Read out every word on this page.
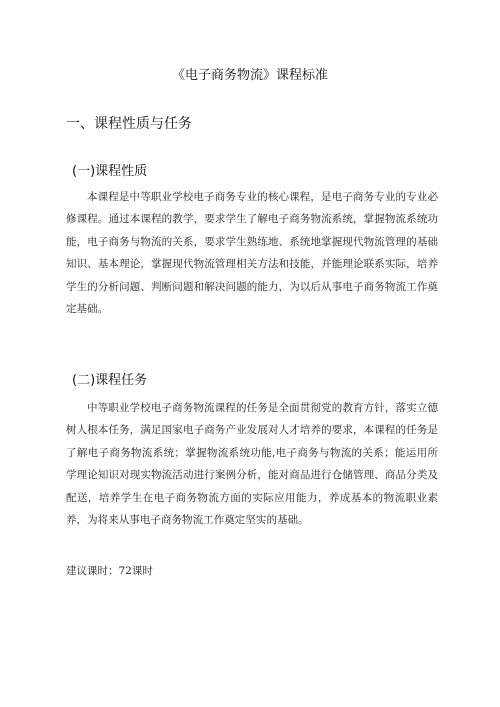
《电子商务物流》课程标准
一、课程性质与任务
(一)课程性质

本课程是中等职业学校电子商务专业的核心课程，是电子商务专业的专业必修课程。通过本课程的教学，要求学生了解电子商务物流系统，掌握物流系统功能，电子商务与物流的关系，要求学生熟练地、系统地掌握现代物流管理的基础知识、基本理论，掌握现代物流管理相关方法和技能，并能理论联系实际，培养学生的分析问题、判断问题和解决问题的能力，为以后从事电子商务物流工作奠定基础。

(二)课程任务

中等职业学校电子商务物流课程的任务是全面贯彻党的教育方针，落实立德树人根本任务，满足国家电子商务产业发展对人才培养的要求，本课程的任务是了解电子商务物流系统；掌握物流系统功能,电子商务与物流的关系；能运用所学理论知识对现实物流活动进行案例分析，能对商品进行仓储管理、商品分类及配送，培养学生在电子商务物流方面的实际应用能力，养成基本的物流职业素养，为将来从事电子商务物流工作奠定坚实的基础。

建议课时：72课时
